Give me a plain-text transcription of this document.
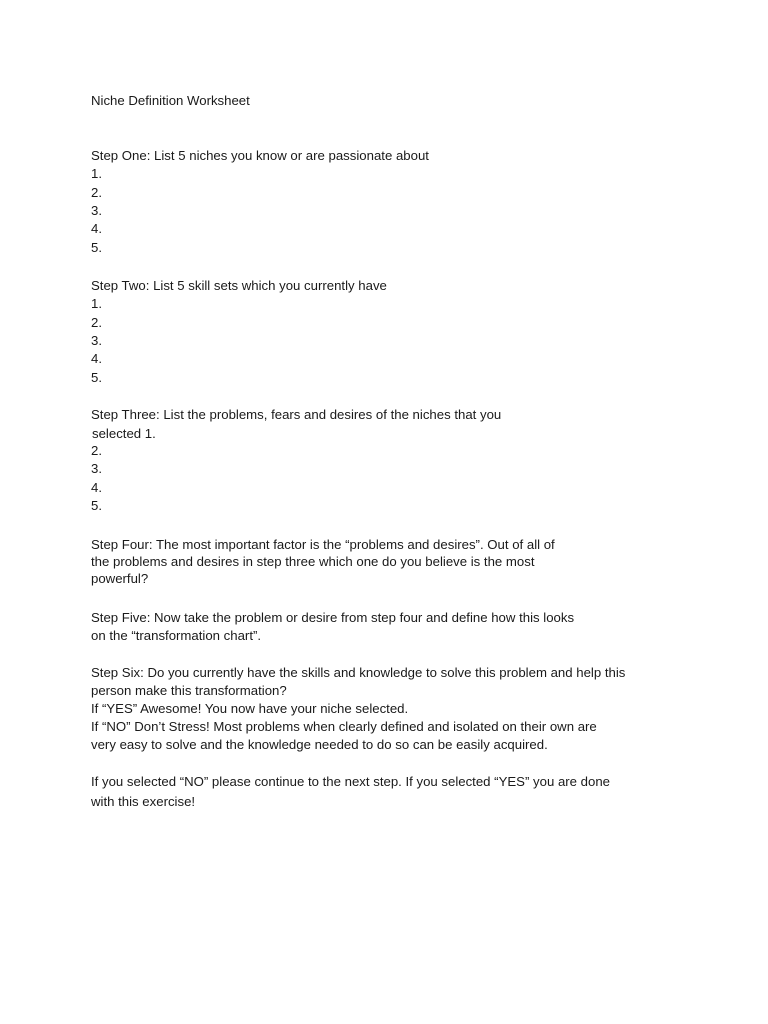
Niche Definition Worksheet
Step One: List 5 niches you know or are passionate about
1.
2.
3.
4.
5.
Step Two: List 5 skill sets which you currently have
1.
2.
3.
4.
5.
Step Three: List the problems, fears and desires of the niches that you
selected 1.
2.
3.
4.
5.
Step Four: The most important factor is the “problems and desires”. Out of all of
the problems and desires in step three which one do you believe is the most
powerful?
Step Five: Now take the problem or desire from step four and define how this looks
on the “transformation chart”.
Step Six: Do you currently have the skills and knowledge to solve this problem and help this
person make this transformation?
If “YES” Awesome! You now have your niche selected.
If “NO” Don’t Stress! Most problems when clearly defined and isolated on their own are
very easy to solve and the knowledge needed to do so can be easily acquired.
If you selected “NO” please continue to the next step. If you selected “YES” you are done
with this exercise!
